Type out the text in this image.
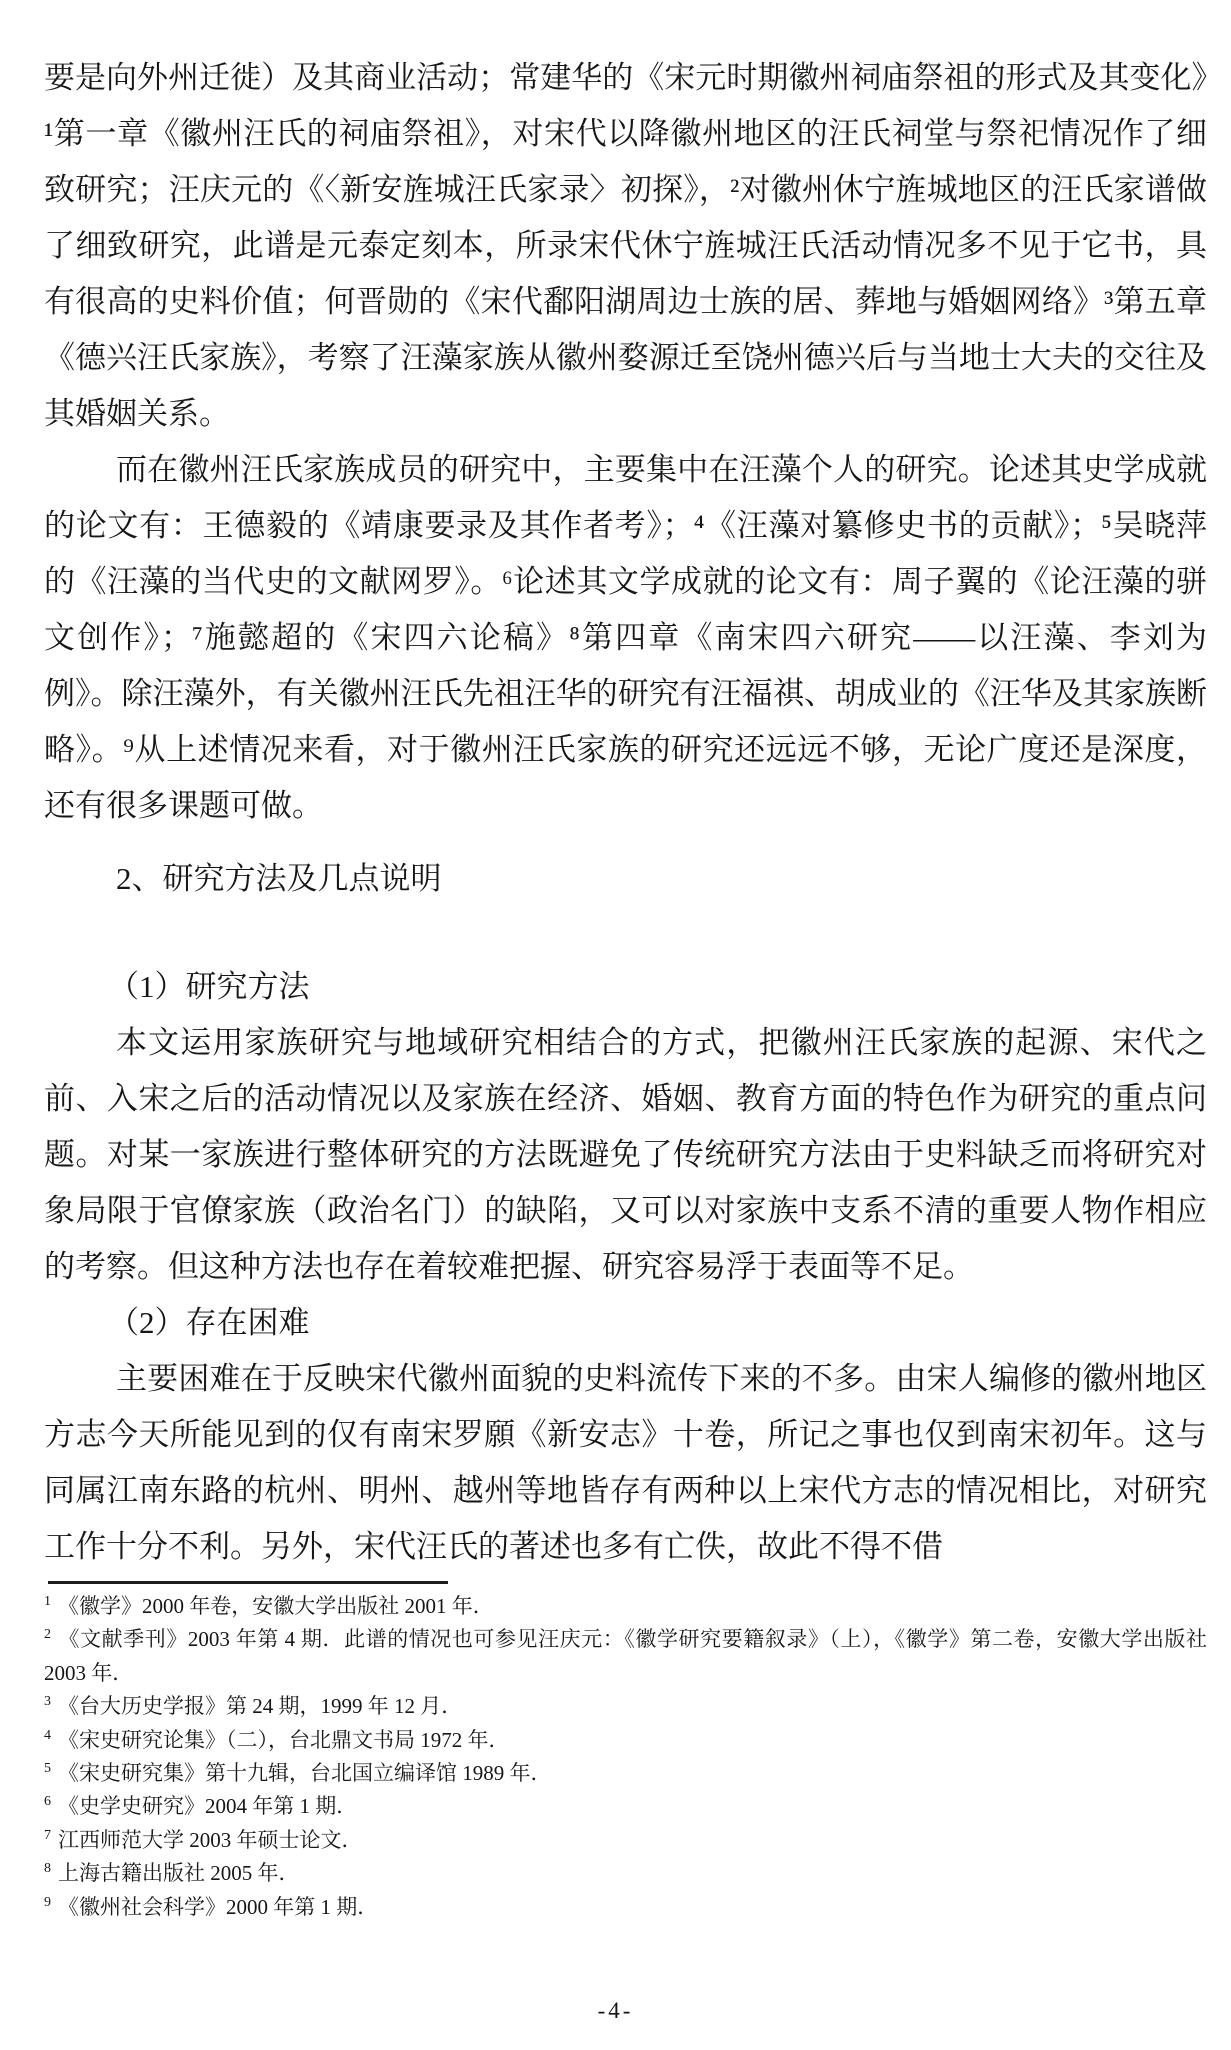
要是向外州迁徙）及其商业活动；常建华的《宋元时期徽州祠庙祭祖的形式及其变化》¹第一章《徽州汪氏的祠庙祭祖》，对宋代以降徽州地区的汪氏祠堂与祭祀情况作了细致研究；汪庆元的《〈新安旌城汪氏家录〉初探》，²对徽州休宁旌城地区的汪氏家谱做了细致研究，此谱是元泰定刻本，所录宋代休宁旌城汪氏活动情况多不见于它书，具有很高的史料价值；何晋勋的《宋代鄱阳湖周边士族的居、葬地与婚姻网络》³第五章《德兴汪氏家族》，考察了汪藻家族从徽州婺源迁至饶州德兴后与当地士大夫的交往及其婚姻关系。

而在徽州汪氏家族成员的研究中，主要集中在汪藻个人的研究。论述其史学成就的论文有：王德毅的《靖康要录及其作者考》；⁴《汪藻对纂修史书的贡献》；⁵吴晓萍的《汪藻的当代史的文献网罗》。⁶论述其文学成就的论文有：周子翼的《论汪藻的骈文创作》；⁷施懿超的《宋四六论稿》⁸第四章《南宋四六研究——以汪藻、李刘为例》。除汪藻外，有关徽州汪氏先祖汪华的研究有汪福祺、胡成业的《汪华及其家族断略》。⁹从上述情况来看，对于徽州汪氏家族的研究还远远不够，无论广度还是深度，还有很多课题可做。

2、研究方法及几点说明
（1）研究方法

本文运用家族研究与地域研究相结合的方式，把徽州汪氏家族的起源、宋代之前、入宋之后的活动情况以及家族在经济、婚姻、教育方面的特色作为研究的重点问题。对某一家族进行整体研究的方法既避免了传统研究方法由于史料缺乏而将研究对象局限于官僚家族（政治名门）的缺陷，又可以对家族中支系不清的重要人物作相应的考察。但这种方法也存在着较难把握、研究容易浮于表面等不足。

（2）存在困难

主要困难在于反映宋代徽州面貌的史料流传下来的不多。由宋人编修的徽州地区方志今天所能见到的仅有南宋罗願《新安志》十卷，所记之事也仅到南宋初年。这与同属江南东路的杭州、明州、越州等地皆存有两种以上宋代方志的情况相比，对研究工作十分不利。另外，宋代汪氏的著述也多有亡佚，故此不得不借

$^1$ 《徽学》2000 年卷，安徽大学出版社 2001 年．
$^2$ 《文献季刊》2003 年第 4 期．此谱的情况也可参见汪庆元：《徽学研究要籍叙录》（上），《徽学》第二卷，安徽大学出版社 2003 年．
$^3$ 《台大历史学报》第 24 期，1999 年 12 月．
$^4$ 《宋史研究论集》（二），台北鼎文书局 1972 年．
$^5$ 《宋史研究集》第十九辑，台北国立编译馆 1989 年．
$^6$ 《史学史研究》2004 年第 1 期．
$^7$ 江西师范大学 2003 年硕士论文．
$^8$ 上海古籍出版社 2005 年．
$^9$ 《徽州社会科学》2000 年第 1 期．
-4-
